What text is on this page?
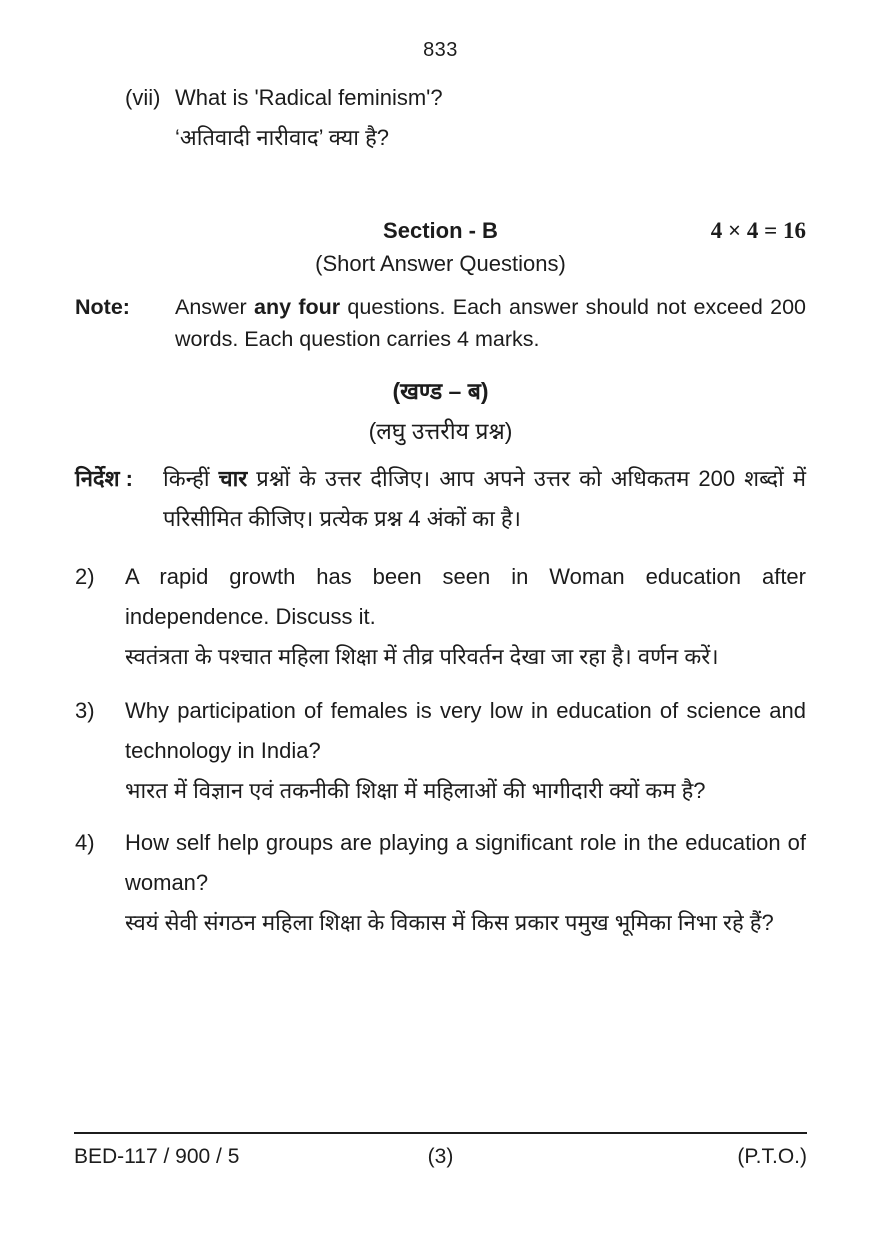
833
(vii) What is 'Radical feminism'?
‘अतिवादी नारीवाद’ क्या है?
Section - B	4 × 4 = 16
(Short Answer Questions)
Note:	Answer any four questions. Each answer should not exceed 200 words. Each question carries 4 marks.
(खण्ड – ब)
(लघु उत्तरीय प्रश्न)
निर्देश :	किन्हीं चार प्रश्नों के उत्तर दीजिए। आप अपने उत्तर को अधिकतम 200 शब्दों में परिसीमित कीजिए। प्रत्येक प्रश्न 4 अंकों का है।
2)	A rapid growth has been seen in Woman education after independence. Discuss it.
स्वतंत्रता के पश्चात महिला शिक्षा में तीव्र परिवर्तन देखा जा रहा है। वर्णन करें।
3)	Why participation of females is very low in education of science and technology in India?
भारत में विज्ञान एवं तकनीकी शिक्षा में महिलाओं की भागीदारी क्यों कम है?
4)	How self help groups are playing a significant role in the education of woman?
स्वयं सेवी संगठन महिला शिक्षा के विकास में किस प्रकार पमुख भूमिका निभा रहे हैं?
BED-117 / 900 / 5	(3)	(P.T.O.)
